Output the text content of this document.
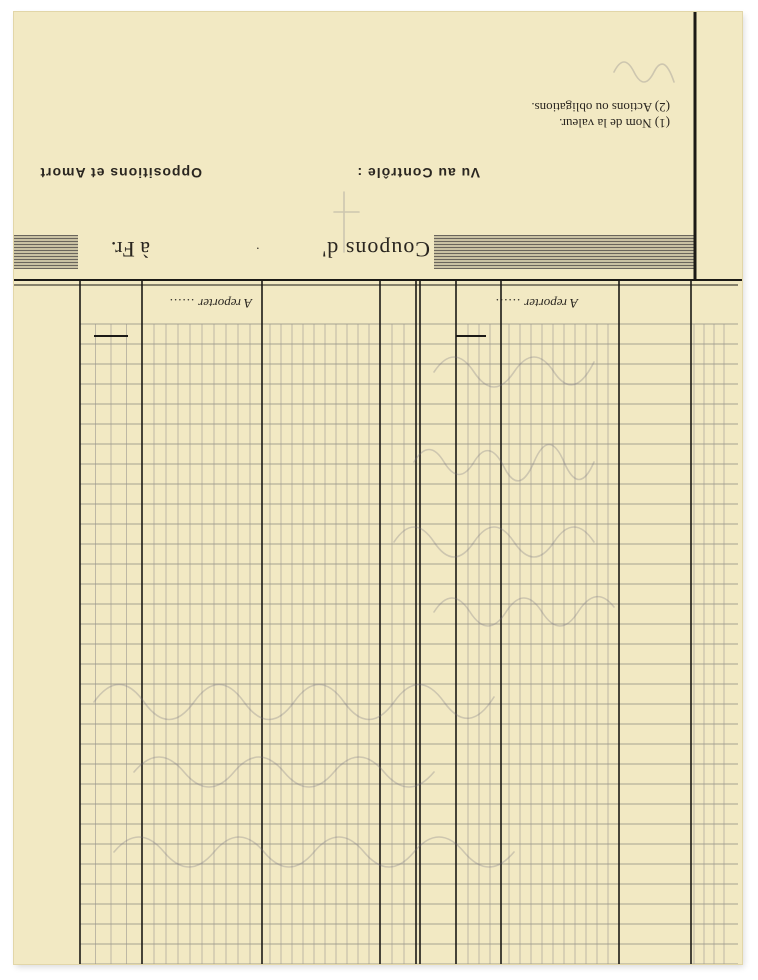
(1) Nom de la valeur.
(2) Actions ou obligations.
Vu au Contrôle :
Oppositions et Amort
Coupons d'
·
à Fr.
A reporter ......
A reporter ......
